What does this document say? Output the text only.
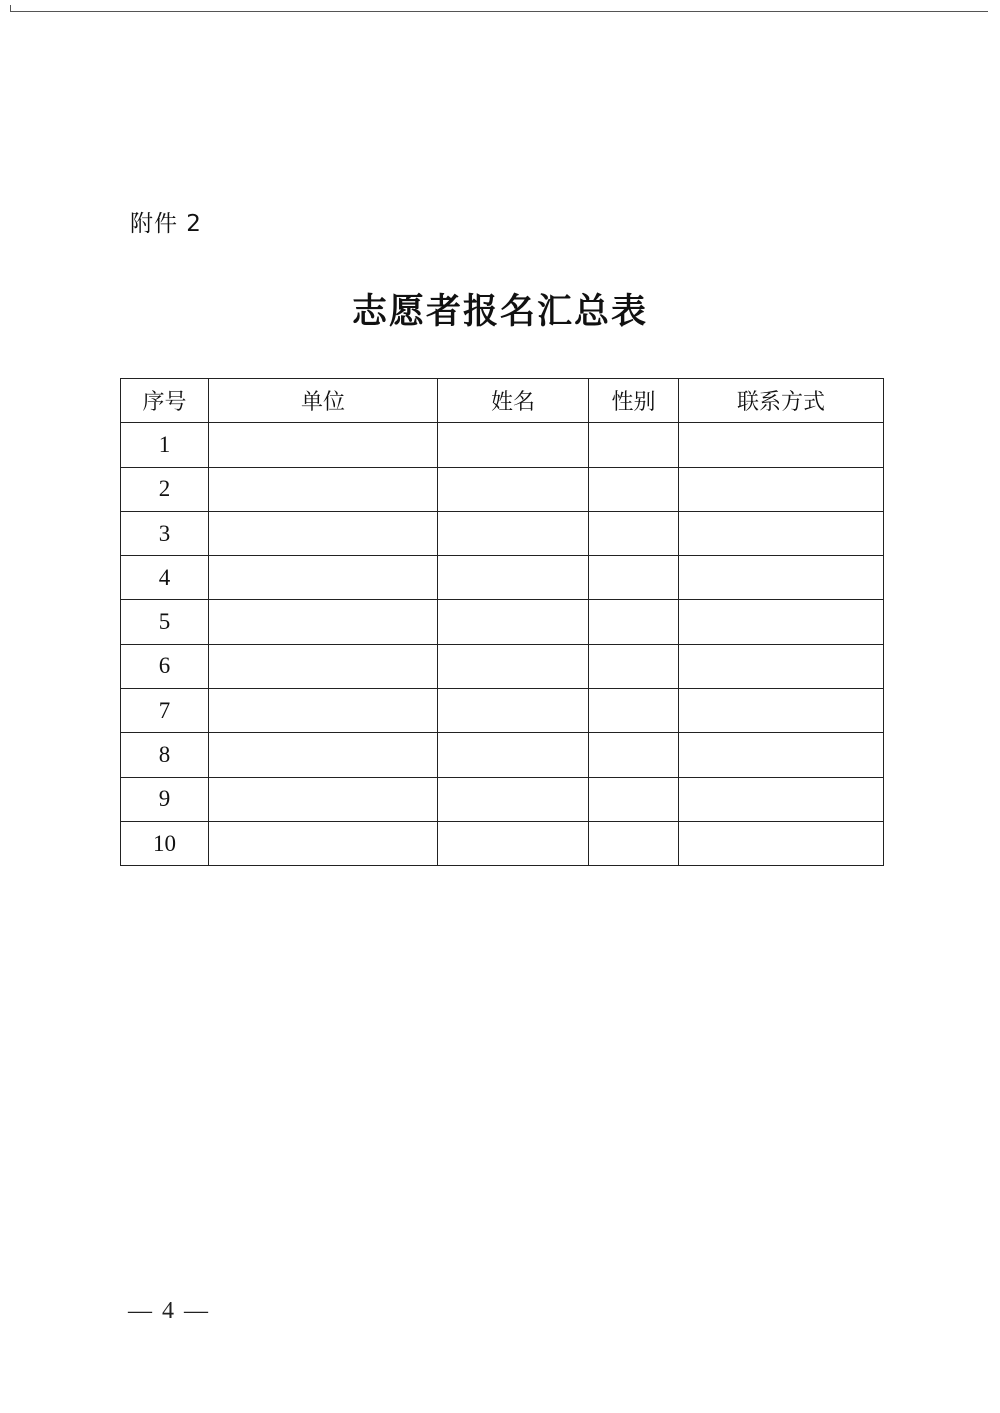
附件 2
志愿者报名汇总表
序号	单位	姓名	性别	联系方式
1				
2				
3				
4				
5				
6				
7				
8				
9				
10				
— 4 —
